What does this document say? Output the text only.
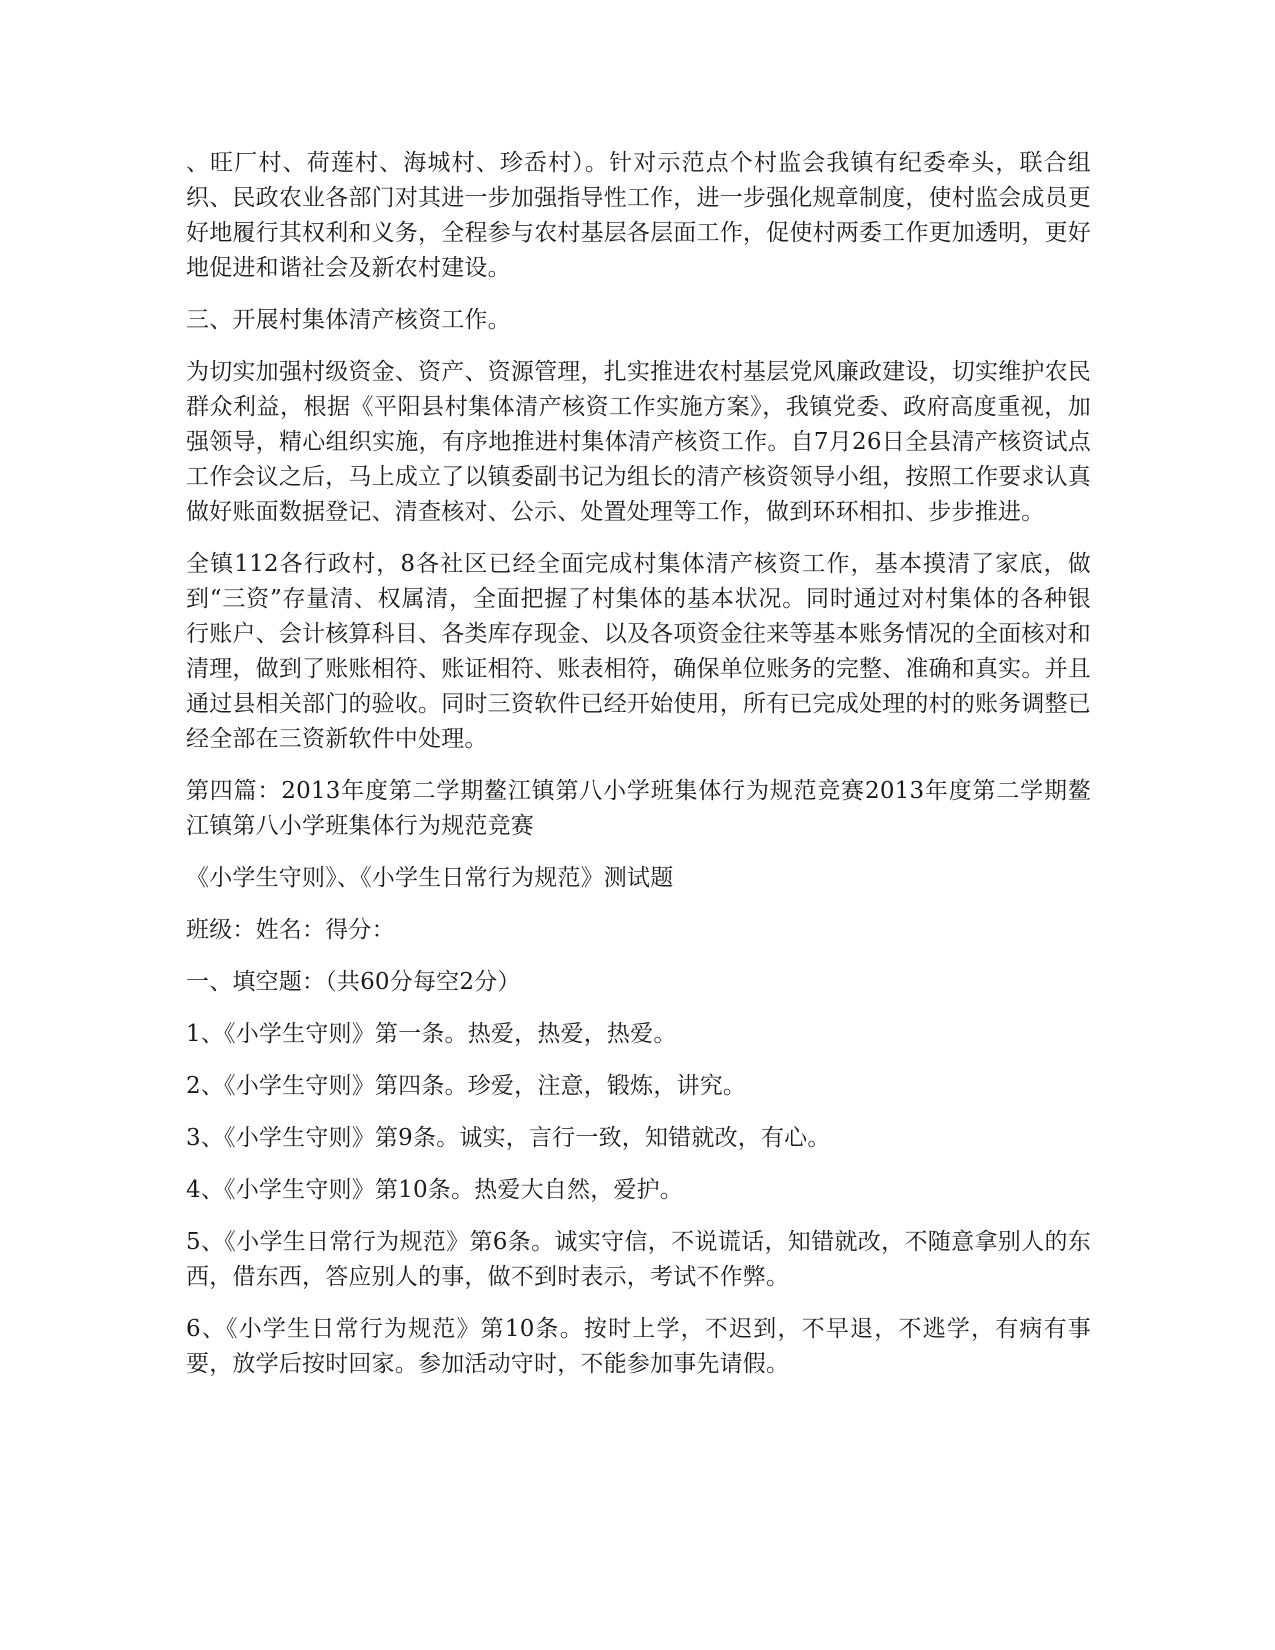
、旺厂村、荷莲村、海城村、珍岙村）。针对示范点个村监会我镇有纪委牵头，联合组织、民政农业各部门对其进一步加强指导性工作，进一步强化规章制度，使村监会成员更好地履行其权利和义务，全程参与农村基层各层面工作，促使村两委工作更加透明，更好地促进和谐社会及新农村建设。

三、开展村集体清产核资工作。

为切实加强村级资金、资产、资源管理，扎实推进农村基层党风廉政建设，切实维护农民群众利益，根据《平阳县村集体清产核资工作实施方案》，我镇党委、政府高度重视，加强领导，精心组织实施，有序地推进村集体清产核资工作。自7月26日全县清产核资试点工作会议之后，马上成立了以镇委副书记为组长的清产核资领导小组，按照工作要求认真做好账面数据登记、清查核对、公示、处置处理等工作，做到环环相扣、步步推进。

全镇112各行政村，8各社区已经全面完成村集体清产核资工作，基本摸清了家底，做到“三资”存量清、权属清，全面把握了村集体的基本状况。同时通过对村集体的各种银行账户、会计核算科目、各类库存现金、以及各项资金往来等基本账务情况的全面核对和清理，做到了账账相符、账证相符、账表相符，确保单位账务的完整、准确和真实。并且通过县相关部门的验收。同时三资软件已经开始使用，所有已完成处理的村的账务调整已经全部在三资新软件中处理。

第四篇：2013年度第二学期鳌江镇第八小学班集体行为规范竞赛2013年度第二学期鳌江镇第八小学班集体行为规范竞赛

《小学生守则》、《小学生日常行为规范》测试题

班级：姓名：得分：

一、填空题：（共60分每空2分）

1、《小学生守则》第一条。热爱，热爱，热爱。

2、《小学生守则》第四条。珍爱，注意，锻炼，讲究。

3、《小学生守则》第9条。诚实，言行一致，知错就改，有心。

4、《小学生守则》第10条。热爱大自然，爱护。

5、《小学生日常行为规范》第6条。诚实守信，不说谎话，知错就改，不随意拿别人的东西，借东西，答应别人的事，做不到时表示，考试不作弊。

6、《小学生日常行为规范》第10条。按时上学，不迟到，不早退，不逃学，有病有事要，放学后按时回家。参加活动守时，不能参加事先请假。
